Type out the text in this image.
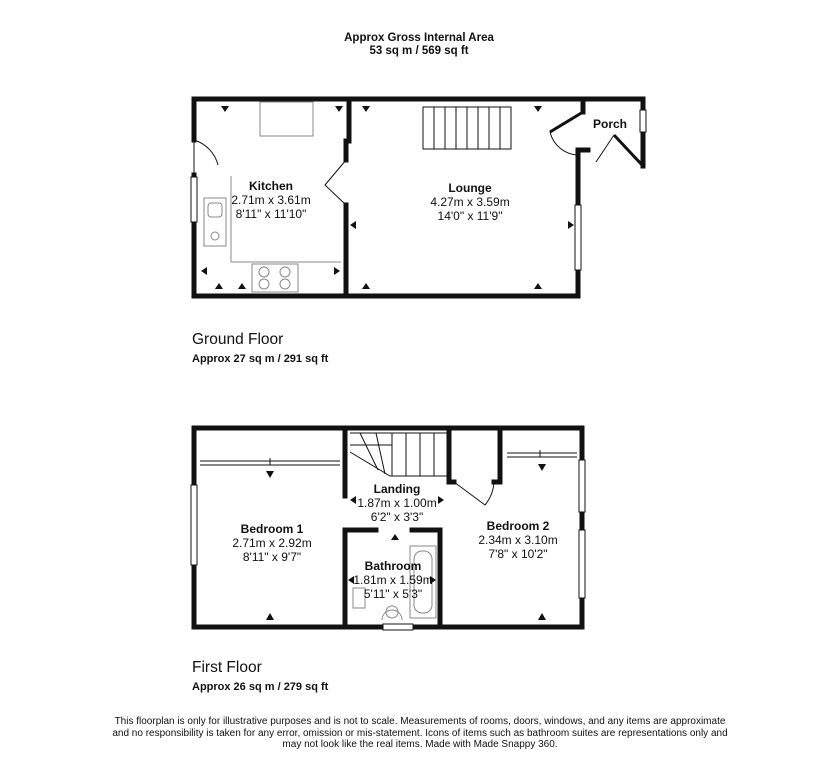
Approx Gross Internal Area
53 sq m / 569 sq ft
Kitchen
2.71m x 3.61m
8'11" x 11'10"
Lounge
4.27m x 3.59m
14'0" x 11'9"
Porch
Ground Floor
Approx 27 sq m / 291 sq ft
Bedroom 1
2.71m x 2.92m
8'11" x 9'7"
Landing
1.87m x 1.00m
6'2" x 3'3"
Bathroom
1.81m x 1.59m
5'11" x 5'3"
Bedroom 2
2.34m x 3.10m
7'8" x 10'2"
First Floor
Approx 26 sq m / 279 sq ft
This floorplan is only for illustrative purposes and is not to scale. Measurements of rooms, doors, windows, and any items are approximate
and no responsibility is taken for any error, omission or mis-statement. Icons of items such as bathroom suites are representations only and
may not look like the real items. Made with Made Snappy 360.
